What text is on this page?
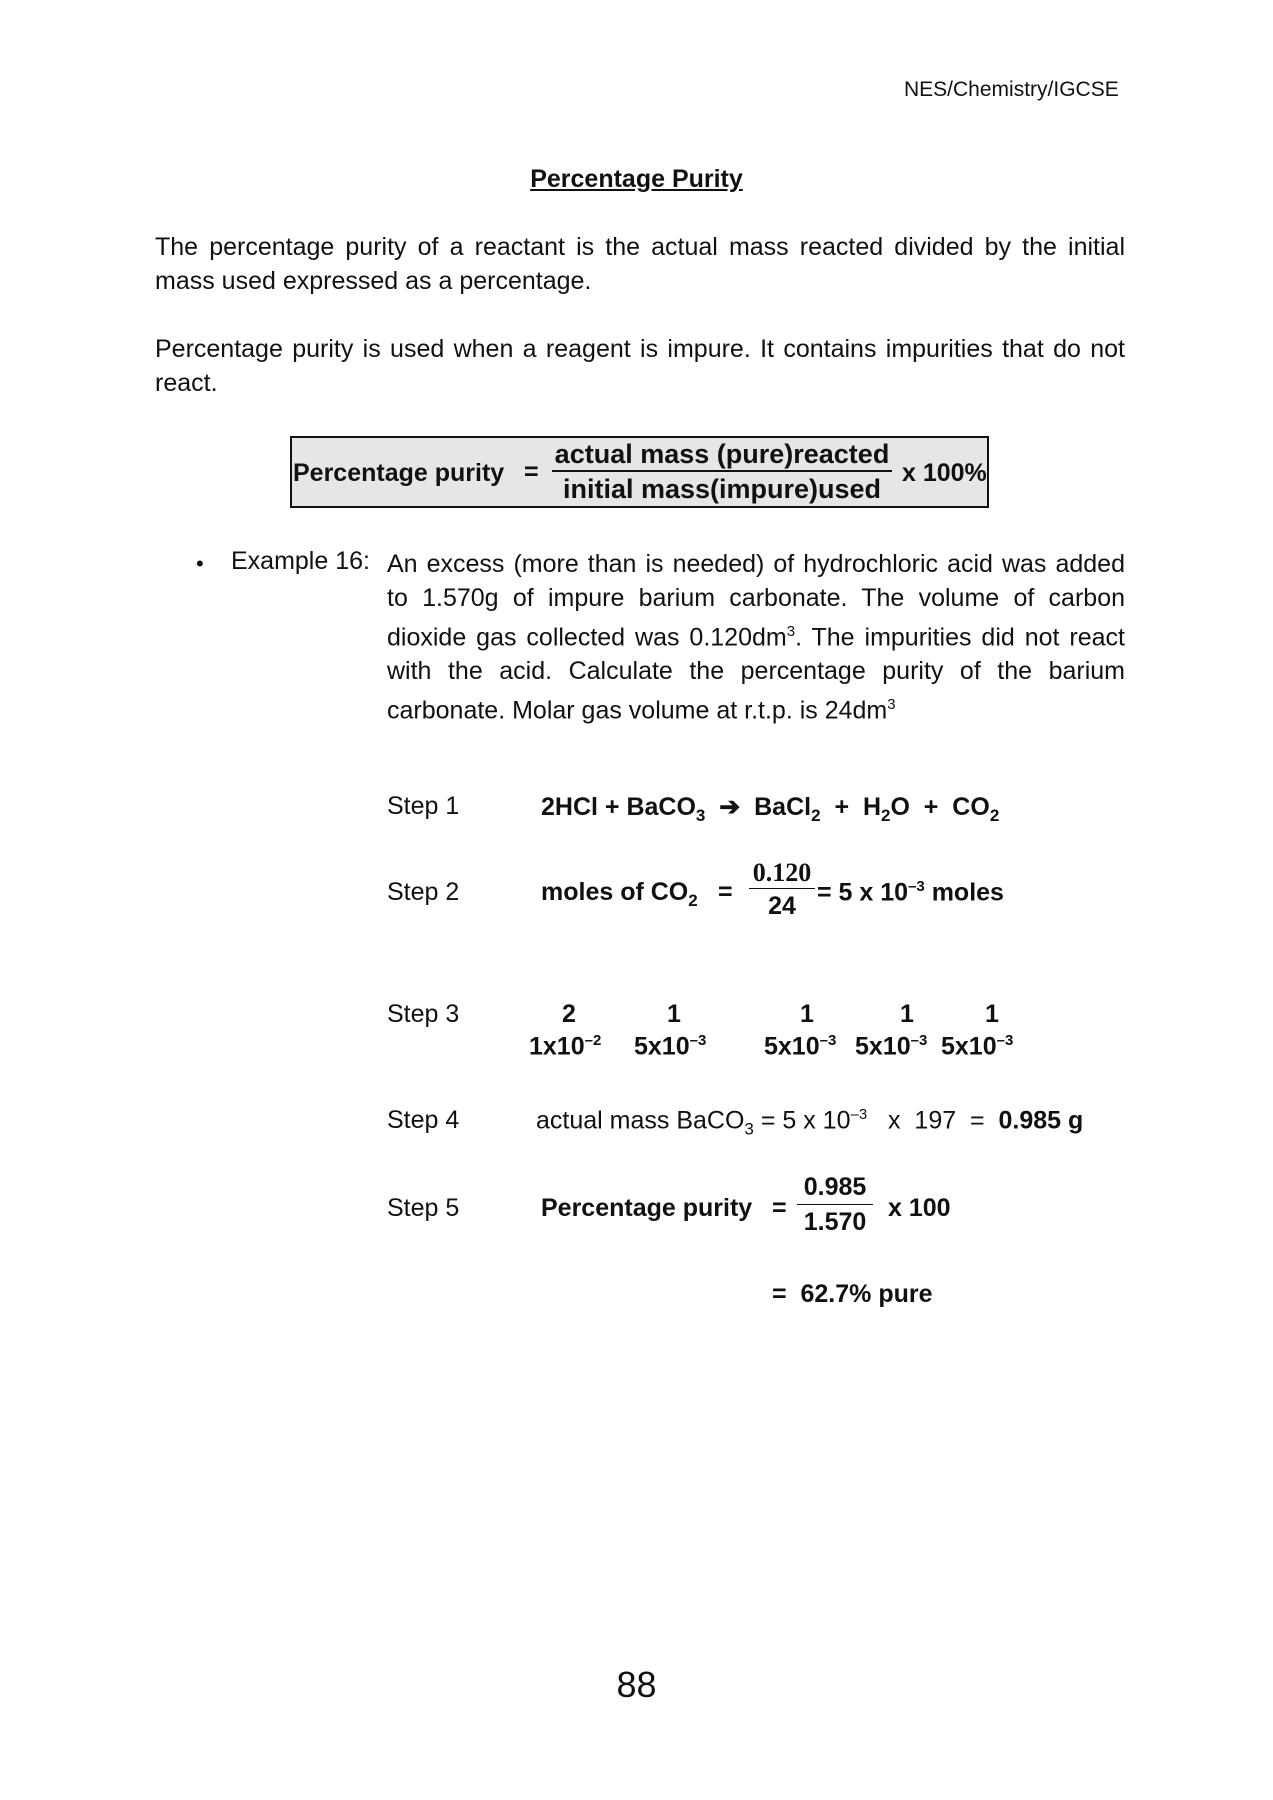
NES/Chemistry/IGCSE
Percentage Purity
The percentage purity of a reactant is the actual mass reacted divided by the initial mass used expressed as a percentage.
Percentage purity is used when a reagent is impure. It contains impurities that do not react.
Percentage purity =
actual mass (pure)reacted
initial mass(impure)used
x 100%
• Example 16: An excess (more than is needed) of hydrochloric acid was added to 1.570g of impure barium carbonate. The volume of carbon dioxide gas collected was $0.120dm^3$. The impurities did not react with the acid. Calculate the percentage purity of the barium carbonate. Molar gas volume at r.t.p. is $24dm^3$
Step 1	2HCl + BaCO$_3$  ➔  BaCl$_2$  +  $H_2O + CO_2$
Step 2	moles of $CO_2$ =
0.120
24 = 5 x $10^{-3}$ moles
Step 3	2	1	1	1	1
$1x10^{-2}$ $5x10^{-3}$ $5x10^{-3}$ $5x10^{-3}$ $5x10^{-3}$
Step 4	actual mass BaCO$_3$ = 5 x $10^{-3}$   x  197  =  0.985 g
Step 5	Percentage purity =
0.985
1.570 x 100
=  62.7% pure
88
